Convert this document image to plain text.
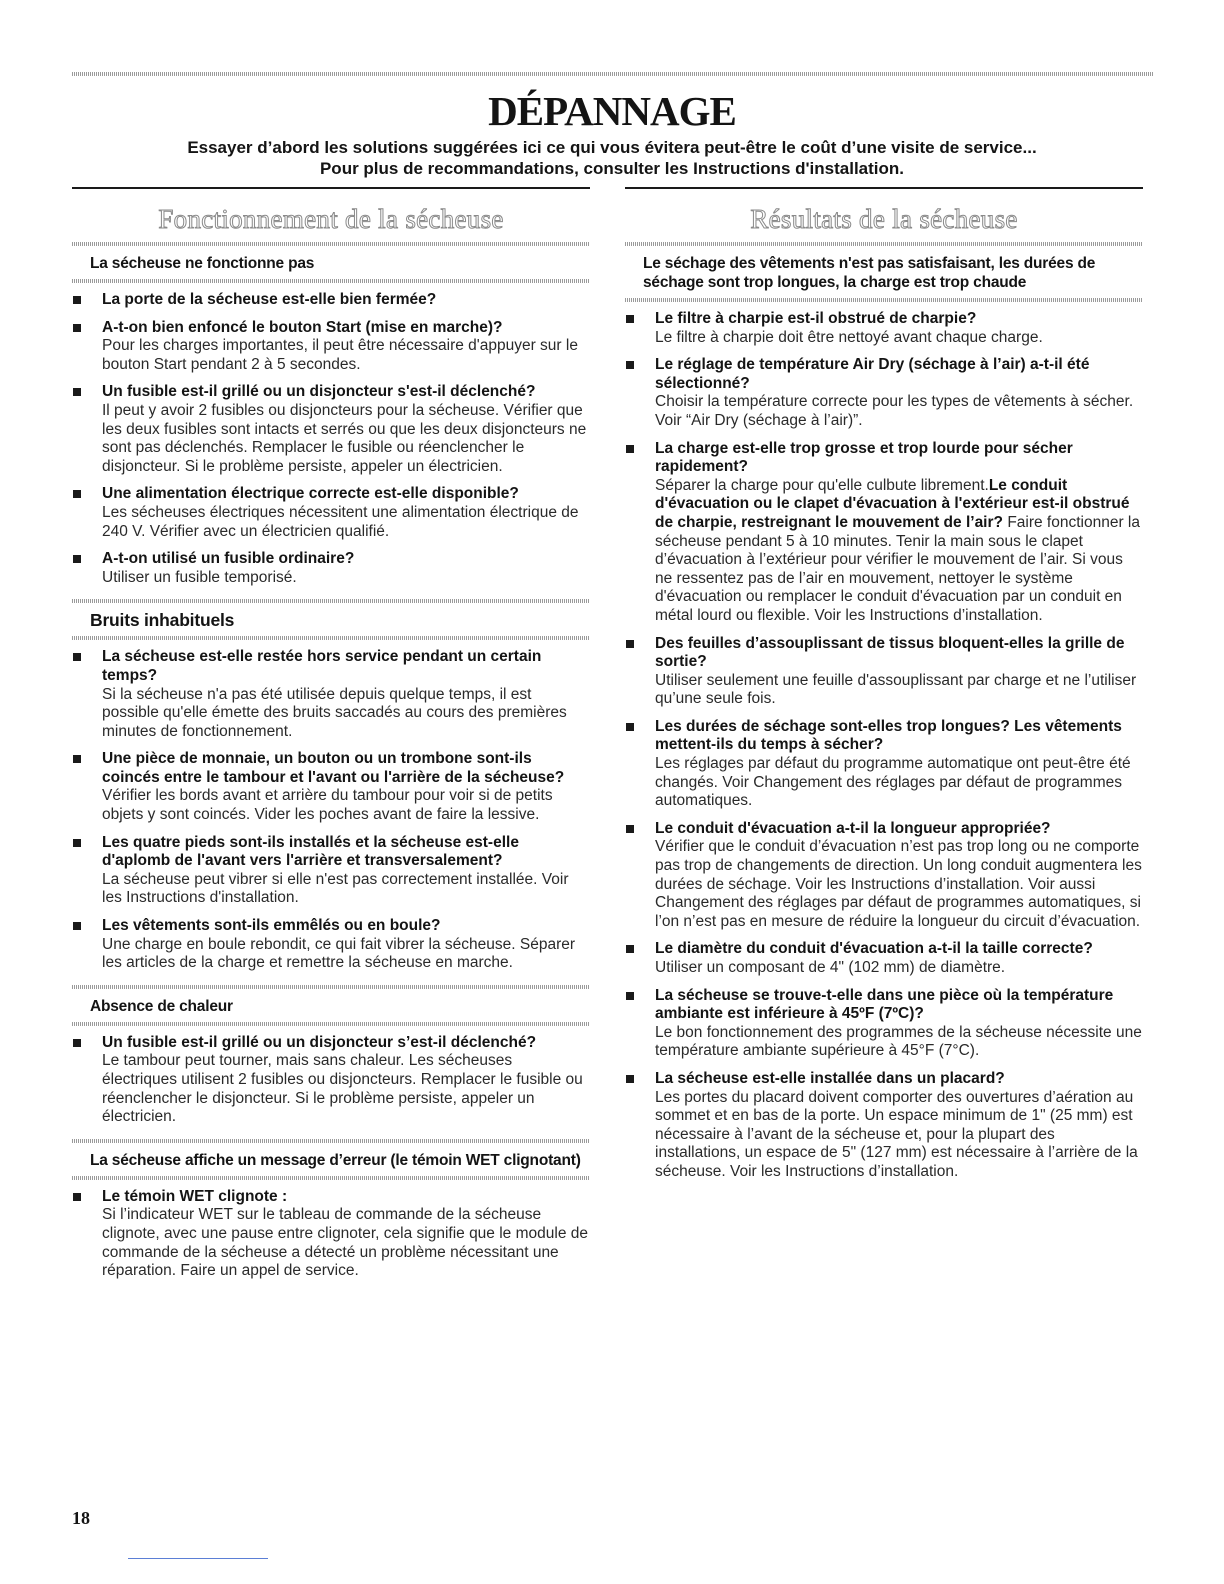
DÉPANNAGE
Essayer d’abord les solutions suggérées ici ce qui vous évitera peut-être le coût d’une visite de service...
Pour plus de recommandations, consulter les Instructions d'installation.
Fonctionnement de la sécheuse	Résultats de la sécheuse
La sécheuse ne fonctionne pas
La porte de la sécheuse est-elle bien fermée?
A-t-on bien enfoncé le bouton Start (mise en marche)?
Pour les charges importantes, il peut être nécessaire d'appuyer sur le bouton Start pendant 2 à 5 secondes.
Un fusible est-il grillé ou un disjoncteur s'est-il déclenché?
Il peut y avoir 2 fusibles ou disjoncteurs pour la sécheuse. Vérifier que les deux fusibles sont intacts et serrés ou que les deux disjoncteurs ne sont pas déclenchés. Remplacer le fusible ou réenclencher le disjoncteur. Si le problème persiste, appeler un électricien.
Une alimentation électrique correcte est-elle disponible?
Les sécheuses électriques nécessitent une alimentation électrique de 240 V. Vérifier avec un électricien qualifié.
A-t-on utilisé un fusible ordinaire?
Utiliser un fusible temporisé.
Bruits inhabituels
La sécheuse est-elle restée hors service pendant un certain temps?
Si la sécheuse n'a pas été utilisée depuis quelque temps, il est possible qu'elle émette des bruits saccadés au cours des premières minutes de fonctionnement.
Une pièce de monnaie, un bouton ou un trombone sont-ils coincés entre le tambour et l'avant ou l'arrière de la sécheuse?
Vérifier les bords avant et arrière du tambour pour voir si de petits objets y sont coincés. Vider les poches avant de faire la lessive.
Les quatre pieds sont-ils installés et la sécheuse est-elle d'aplomb de l'avant vers l'arrière et transversalement?
La sécheuse peut vibrer si elle n'est pas correctement installée. Voir les Instructions d'installation.
Les vêtements sont-ils emmêlés ou en boule?
Une charge en boule rebondit, ce qui fait vibrer la sécheuse. Séparer les articles de la charge et remettre la sécheuse en marche.
Absence de chaleur
Un fusible est-il grillé ou un disjoncteur s’est-il déclenché?
Le tambour peut tourner, mais sans chaleur. Les sécheuses électriques utilisent 2 fusibles ou disjoncteurs. Remplacer le fusible ou réenclencher le disjoncteur. Si le problème persiste, appeler un électricien.
La sécheuse affiche un message d’erreur (le témoin WET clignotant)
Le témoin WET clignote :
Si l’indicateur WET sur le tableau de commande de la sécheuse clignote, avec une pause entre clignoter, cela signifie que le module de commande de la sécheuse a détecté un problème nécessitant une réparation. Faire un appel de service.
Le séchage des vêtements n'est pas satisfaisant, les durées de séchage sont trop longues, la charge est trop chaude
Le filtre à charpie est-il obstrué de charpie?
Le filtre à charpie doit être nettoyé avant chaque charge.
Le réglage de température Air Dry (séchage à l’air) a-t-il été sélectionné?
Choisir la température correcte pour les types de vêtements à sécher. Voir “Air Dry (séchage à l’air)”.
La charge est-elle trop grosse et trop lourde pour sécher rapidement?
Séparer la charge pour qu'elle culbute librement.Le conduit d'évacuation ou le clapet d'évacuation à l'extérieur est-il obstrué de charpie, restreignant le mouvement de l’air? Faire fonctionner la sécheuse pendant 5 à 10 minutes. Tenir la main sous le clapet d’évacuation à l’extérieur pour vérifier le mouvement de l’air. Si vous ne ressentez pas de l’air en mouvement, nettoyer le système d'évacuation ou remplacer le conduit d'évacuation par un conduit en métal lourd ou flexible. Voir les Instructions d’installation.
Des feuilles d’assouplissant de tissus bloquent-elles la grille de sortie?
Utiliser seulement une feuille d'assouplissant par charge et ne l’utiliser qu’une seule fois.
Les durées de séchage sont-elles trop longues? Les vêtements mettent-ils du temps à sécher?
Les réglages par défaut du programme automatique ont peut-être été changés. Voir Changement des réglages par défaut de programmes automatiques.
Le conduit d'évacuation a-t-il la longueur appropriée?
Vérifier que le conduit d’évacuation n’est pas trop long ou ne comporte pas trop de changements de direction. Un long conduit augmentera les durées de séchage. Voir les Instructions d’installation. Voir aussi Changement des réglages par défaut de programmes automatiques, si l’on n’est pas en mesure de réduire la longueur du circuit d’évacuation.
Le diamètre du conduit d'évacuation a-t-il la taille correcte?
Utiliser un composant de 4" (102 mm) de diamètre.
La sécheuse se trouve-t-elle dans une pièce où la température ambiante est inférieure à 45ºF (7ºC)?
Le bon fonctionnement des programmes de la sécheuse nécessite une température ambiante supérieure à 45°F (7°C).
La sécheuse est-elle installée dans un placard?
Les portes du placard doivent comporter des ouvertures d’aération au sommet et en bas de la porte. Un espace minimum de 1" (25 mm) est nécessaire à l’avant de la sécheuse et, pour la plupart des installations, un espace de 5" (127 mm) est nécessaire à l’arrière de la sécheuse. Voir les Instructions d’installation.
18
